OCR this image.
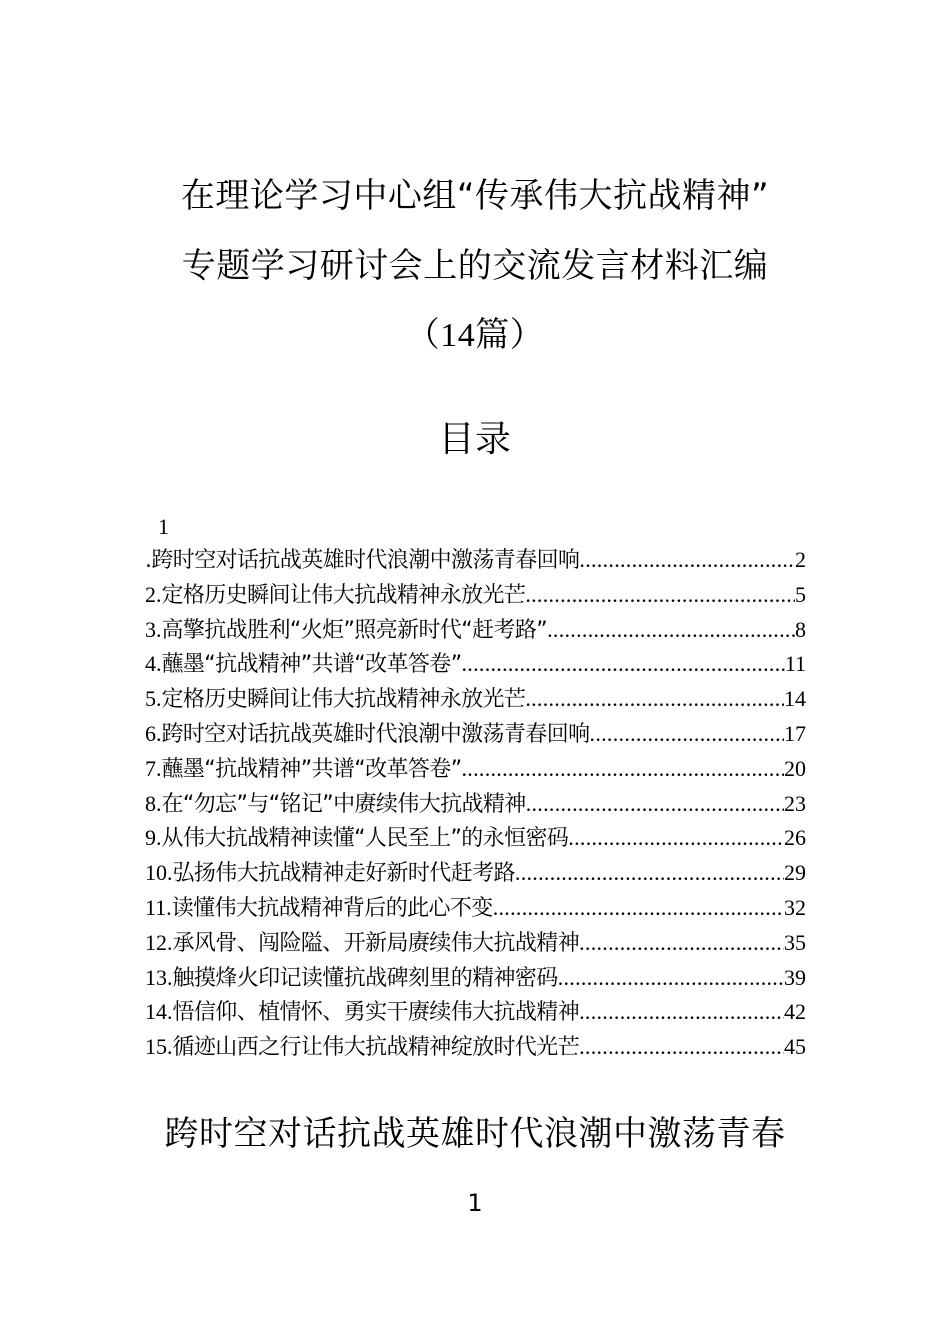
在理论学习中心组“传承伟大抗战精神”
专题学习研讨会上的交流发言材料汇编
（14篇）
目录
1
.跨时空对话抗战英雄时代浪潮中激荡青春回响 .....	2
2.定格历史瞬间让伟大抗战精神永放光芒 .....	5
3.高擎抗战胜利“火炬”照亮新时代“赶考路” .....	8
4.蘸墨“抗战精神”共谱“改革答卷” .....	11
5.定格历史瞬间让伟大抗战精神永放光芒 .....	14
6.跨时空对话抗战英雄时代浪潮中激荡青春回响 .....	17
7.蘸墨“抗战精神”共谱“改革答卷” .....	20
8.在“勿忘”与“铭记”中赓续伟大抗战精神 .....	23
9.从伟大抗战精神读懂“人民至上”的永恒密码 .....	26
10.弘扬伟大抗战精神走好新时代赶考路 .....	29
11.读懂伟大抗战精神背后的此心不变 .....	32
12.承风骨、闯险隘、开新局赓续伟大抗战精神 .....	35
13.触摸烽火印记读懂抗战碑刻里的精神密码 .....	39
14.悟信仰、植情怀、勇实干赓续伟大抗战精神 .....	42
15.循迹山西之行让伟大抗战精神绽放时代光芒 .....	45
跨时空对话抗战英雄时代浪潮中激荡青春
1
